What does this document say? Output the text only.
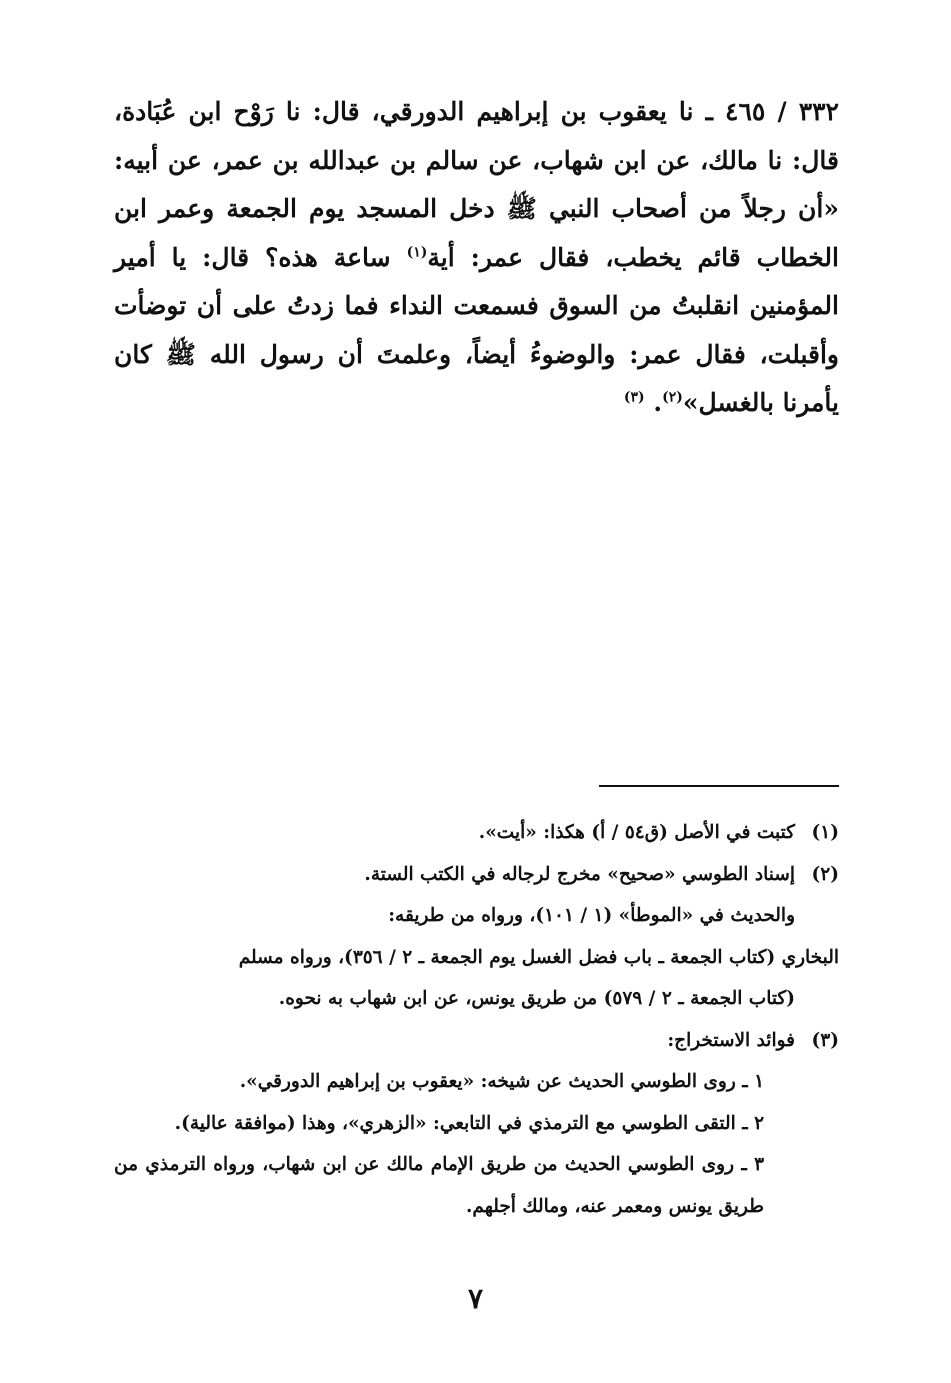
٣٣٢ / ٤٦٥ ـ نا يعقوب بن إبراهيم الدورقي، قال: نا رَوْح ابن عُبَادة، قال: نا مالك، عن ابن شهاب، عن سالم بن عبدالله بن عمر، عن أبيه: «أن رجلاً من أصحاب النبي ﷺ دخل المسجد يوم الجمعة وعمر ابن الخطاب قائم يخطب، فقال عمر: أية$^{(١)}$ ساعة هذه؟ قال: يا أمير المؤمنين انقلبتُ من السوق فسمعت النداء فما زدتُ على أن توضأت وأقبلت، فقال عمر: والوضوءُ أيضاً، وعلمتَ أن رسول الله ﷺ كان يأمرنا بالغسل»$^{(٢)}$. $^{(٣)}$

(١)كتبت في الأصل (ق٥٤ / أ) هكذا: «أيت».

(٢)إسناد الطوسي «صحيح» مخرج لرجاله في الكتب الستة.

والحديث في «الموطأ» (١ / ١٠١)، ورواه من طريقه:

البخاري (كتاب الجمعة ـ باب فضل الغسل يوم الجمعة ـ ٢ / ٣٥٦)، ورواه مسلم

(كتاب الجمعة ـ ٢ / ٥٧٩) من طريق يونس، عن ابن شهاب به نحوه.

(٣)فوائد الاستخراج:

١ ـ روى الطوسي الحديث عن شيخه: «يعقوب بن إبراهيم الدورقي».

٢ ـ التقى الطوسي مع الترمذي في التابعي: «الزهري»، وهذا (موافقة عالية).

٣ ـ روى الطوسي الحديث من طريق الإمام مالك عن ابن شهاب، ورواه الترمذي من طريق يونس ومعمر عنه، ومالك أجلهم.

٧
